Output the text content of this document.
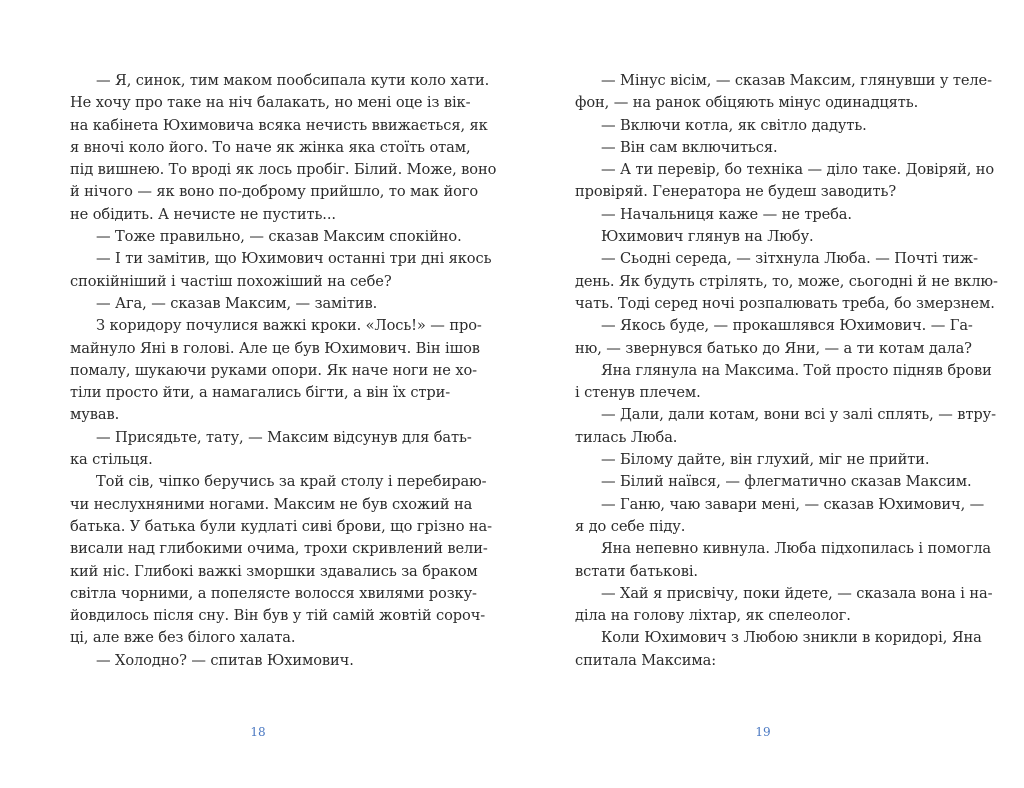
— Я, синок, тим маком пообсипала кути коло хати.
Не хочу про таке на ніч балакать, но мені оце із вік-
на кабінета Юхимовича всяка нечисть ввижається, як
я вночі коло його. То наче як жінка яка стоїть отам,
під вишнею. То вроді як лось пробіг. Білий. Може, воно
й нічого — як воно по-доброму прийшло, то мак його
не обідить. А нечисте не пустить...
— Тоже правильно, — сказав Максим спокійно.
— І ти замітив, що Юхимович останні три дні якось
спокійніший і частіш похожіший на себе?
— Ага, — сказав Максим, — замітив.
З коридору почулися важкі кроки. «Лось!» — про-
майнуло Яні в голові. Але це був Юхимович. Він ішов
помалу, шукаючи руками опори. Як наче ноги не хо-
тіли просто йти, а намагались бігти, а він їх стри-
мував.
— Присядьте, тату, — Максим відсунув для бать-
ка стільця.
Той сів, чіпко беручись за край столу і перебираю-
чи неслухняними ногами. Максим не був схожий на
батька. У батька були кудлаті сиві брови, що грізно на-
висали над глибокими очима, трохи скривлений вели-
кий ніс. Глибокі важкі зморшки здавались за браком
світла чорними, а попелясте волосся хвилями розку-
йовдилось після сну. Він був у тій самій жовтій сороч-
ці, але вже без білого халата.
— Холодно? — спитав Юхимович.
— Мінус вісім, — сказав Максим, глянувши у теле-
фон, — на ранок обіцяють мінус одинадцять.
— Включи котла, як світло дадуть.
— Він сам включиться.
— А ти перевір, бо техніка — діло таке. Довіряй, но
провіряй. Генератора не будеш заводить?
— Начальниця каже — не треба.
Юхимович глянув на Любу.
— Сьодні середа, — зітхнула Люба. — Почті тиж-
день. Як будуть стрілять, то, може, сьогодні й не вклю-
чать. Тоді серед ночі розпалювать треба, бо змерзнем.
— Якось буде, — прокашлявся Юхимович. — Га-
ню, — звернувся батько до Яни, — а ти котам дала?
Яна глянула на Максима. Той просто підняв брови
і стенув плечем.
— Дали, дали котам, вони всі у залі сплять, — втру-
тилась Люба.
— Білому дайте, він глухий, міг не прийти.
— Білий наївся, — флегматично сказав Максим.
— Ганю, чаю завари мені, — сказав Юхимович, —
я до себе піду.
Яна непевно кивнула. Люба підхопилась і помогла
встати батькові.
— Хай я присвічу, поки йдете, — сказала вона і на-
діла на голову ліхтар, як спелеолог.
Коли Юхимович з Любою зникли в коридорі, Яна
спитала Максима:
18	19
